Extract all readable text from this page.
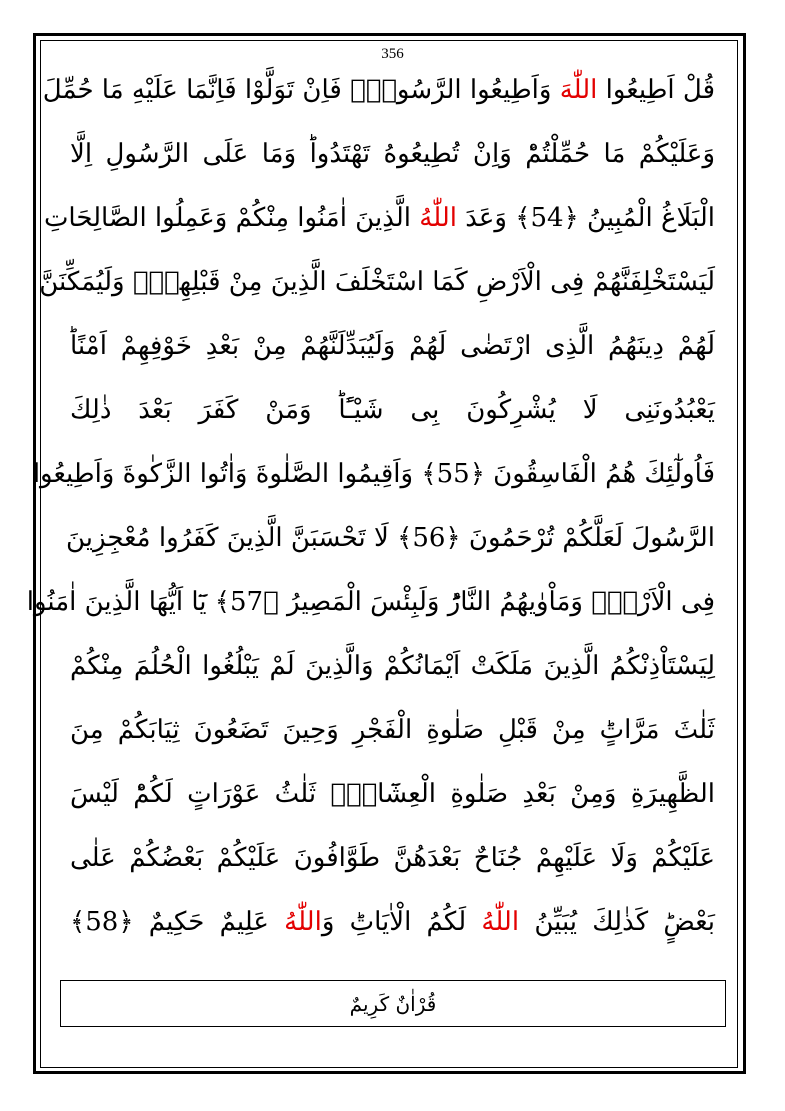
356
قُلْ اَطِيعُوا اللّٰهَ وَاَطِيعُوا الرَّسُولَۚ فَاِنْ تَوَلَّوْا فَاِنَّمَا عَلَيْهِ مَا حُمِّلَ
وَعَلَيْكُمْ مَا حُمِّلْتُمْؕ وَاِنْ تُطِيعُوهُ تَهْتَدُواؕ وَمَا عَلَى الرَّسُولِ اِلَّا
الْبَلَاغُ الْمُبِينُ ﴿54﴾ وَعَدَ اللّٰهُ الَّذِينَ اٰمَنُوا مِنْكُمْ وَعَمِلُوا الصَّالِحَاتِ
لَيَسْتَخْلِفَنَّهُمْ فِى الْاَرْضِ كَمَا اسْتَخْلَفَ الَّذِينَ مِنْ قَبْلِهِمْۖ وَلَيُمَكِّنَنَّ
لَهُمْ دِينَهُمُ الَّذِى ارْتَضٰى لَهُمْ وَلَيُبَدِّلَنَّهُمْ مِنْ بَعْدِ خَوْفِهِمْ اَمْنًاؕ
يَعْبُدُونَنِى لَا يُشْرِكُونَ بِى شَيْـًٔاؕ وَمَنْ كَفَرَ بَعْدَ ذٰلِكَ
فَاُولٰٓئِكَ هُمُ الْفَاسِقُونَ ﴿55﴾ وَاَقِيمُوا الصَّلٰوةَ وَاٰتُوا الزَّكٰوةَ وَاَطِيعُوا
الرَّسُولَ لَعَلَّكُمْ تُرْحَمُونَ ﴿56﴾ لَا تَحْسَبَنَّ الَّذِينَ كَفَرُوا مُعْجِزِينَ
فِى الْاَرْضِۚ وَمَاْوٰيهُمُ النَّارُؕ وَلَبِئْسَ الْمَصِيرُ ﴿57﴾ يَٓا اَيُّهَا الَّذِينَ اٰمَنُوا
لِيَسْتَاْذِنْكُمُ الَّذِينَ مَلَكَتْ اَيْمَانُكُمْ وَالَّذِينَ لَمْ يَبْلُغُوا الْحُلُمَ مِنْكُمْ
ثَلٰثَ مَرَّاتٍؕ مِنْ قَبْلِ صَلٰوةِ الْفَجْرِ وَحِينَ تَضَعُونَ ثِيَابَكُمْ مِنَ
الظَّهِيرَةِ وَمِنْ بَعْدِ صَلٰوةِ الْعِشَٓاءِۜ ثَلٰثُ عَوْرَاتٍ لَكُمْؕ لَيْسَ
عَلَيْكُمْ وَلَا عَلَيْهِمْ جُنَاحٌ بَعْدَهُنَّ طَوَّافُونَ عَلَيْكُمْ بَعْضُكُمْ عَلٰى
بَعْضٍؕ كَذٰلِكَ يُبَيِّنُ اللّٰهُ لَكُمُ الْاٰيَاتِؕ وَاللّٰهُ عَلِيمٌ حَكِيمٌ ﴿58﴾
قُرْاٰنٌ كَرِيمٌ
